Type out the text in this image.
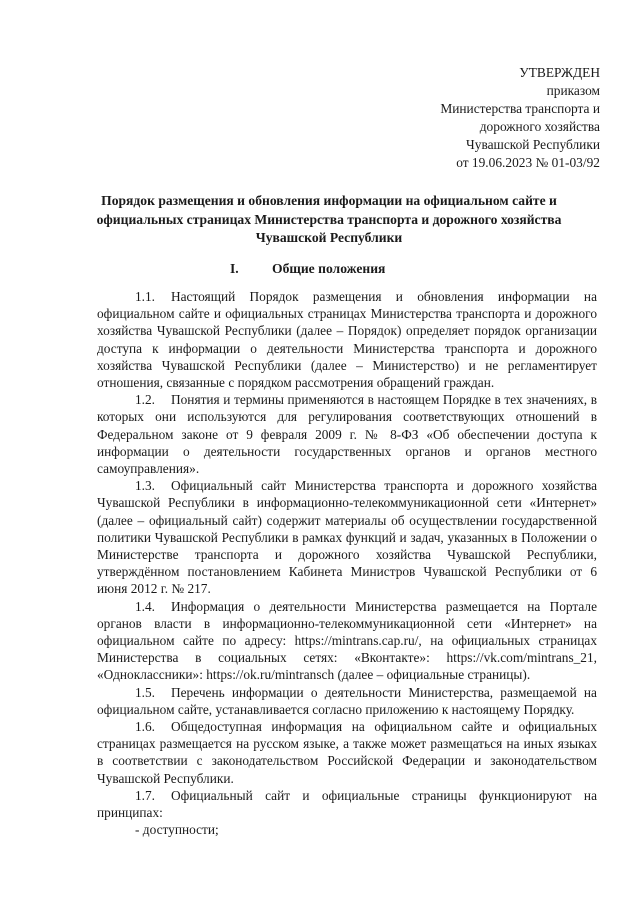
УТВЕРЖДЕН
приказом
Министерства транспорта и
дорожного хозяйства
Чувашской Республики
от 19.06.2023 № 01-03/92
Порядок размещения и обновления информации на официальном сайте и официальных страницах Министерства транспорта и дорожного хозяйства Чувашской Республики
I. Общие положения

1.1. Настоящий Порядок размещения и обновления информации на официальном сайте и официальных страницах Министерства транспорта и дорожного хозяйства Чувашской Республики (далее – Порядок) определяет порядок организации доступа к информации о деятельности Министерства транспорта и дорожного хозяйства Чувашской Республики (далее – Министерство) и не регламентирует отношения, связанные с порядком рассмотрения обращений граждан.

1.2. Понятия и термины применяются в настоящем Порядке в тех значениях, в которых они используются для регулирования соответствующих отношений в Федеральном законе от 9 февраля 2009 г. № 8-ФЗ «Об обеспечении доступа к информации о деятельности государственных органов и органов местного самоуправления».

1.3. Официальный сайт Министерства транспорта и дорожного хозяйства Чувашской Республики в информационно-телекоммуникационной сети «Интернет» (далее – официальный сайт) содержит материалы об осуществлении государственной политики Чувашской Республики в рамках функций и задач, указанных в Положении о Министерстве транспорта и дорожного хозяйства Чувашской Республики, утверждённом постановлением Кабинета Министров Чувашской Республики от 6 июня 2012 г. № 217.

1.4. Информация о деятельности Министерства размещается на Портале органов власти в информационно-телекоммуникационной сети «Интернет» на официальном сайте по адресу: https://mintrans.cap.ru/, на официальных страницах Министерства в социальных сетях: «Вконтакте»: https://vk.com/mintrans_21, «Одноклассники»: https://ok.ru/mintransch (далее – официальные страницы).

1.5. Перечень информации о деятельности Министерства, размещаемой на официальном сайте, устанавливается согласно приложению к настоящему Порядку.

1.6. Общедоступная информация на официальном сайте и официальных страницах размещается на русском языке, а также может размещаться на иных языках в соответствии с законодательством Российской Федерации и законодательством Чувашской Республики.

1.7. Официальный сайт и официальные страницы функционируют на принципах:

- доступности;
